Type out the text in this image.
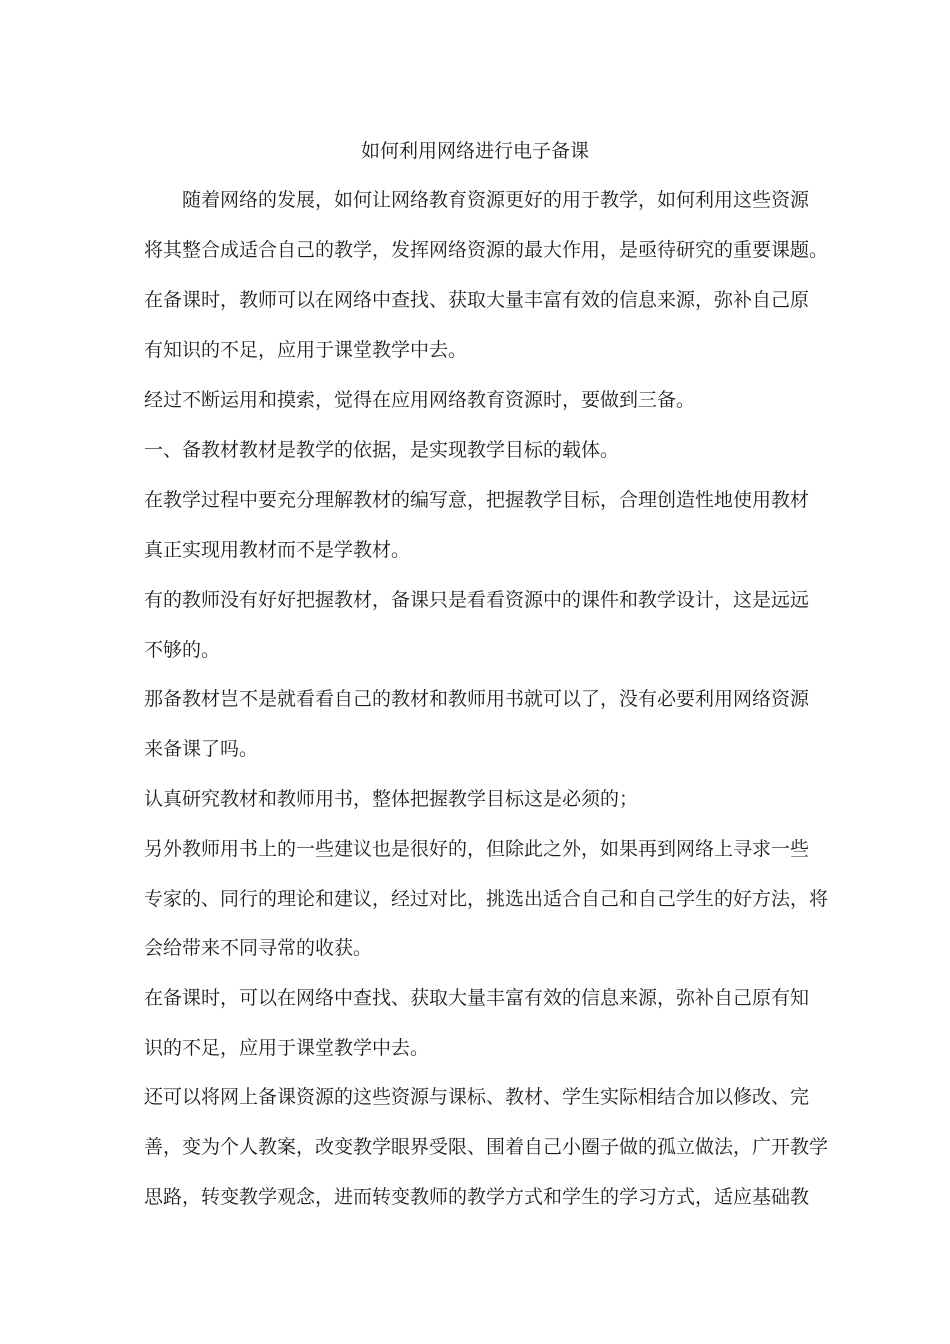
如何利用网络进行电子备课
随着网络的发展，如何让网络教育资源更好的用于教学，如何利用这些资源
将其整合成适合自己的教学，发挥网络资源的最大作用，是亟待研究的重要课题。
在备课时，教师可以在网络中查找、获取大量丰富有效的信息来源，弥补自己原
有知识的不足，应用于课堂教学中去。
经过不断运用和摸索，觉得在应用网络教育资源时，要做到三备。
一、备教材教材是教学的依据，是实现教学目标的载体。
在教学过程中要充分理解教材的编写意，把握教学目标，合理创造性地使用教材
真正实现用教材而不是学教材。
有的教师没有好好把握教材，备课只是看看资源中的课件和教学设计，这是远远
不够的。
那备教材岂不是就看看自己的教材和教师用书就可以了，没有必要利用网络资源
来备课了吗。
认真研究教材和教师用书，整体把握教学目标这是必须的；
另外教师用书上的一些建议也是很好的，但除此之外，如果再到网络上寻求一些
专家的、同行的理论和建议，经过对比，挑选出适合自己和自己学生的好方法，将
会给带来不同寻常的收获。
在备课时，可以在网络中查找、获取大量丰富有效的信息来源，弥补自己原有知
识的不足，应用于课堂教学中去。
还可以将网上备课资源的这些资源与课标、教材、学生实际相结合加以修改、完
善，变为个人教案，改变教学眼界受限、围着自己小圈子做的孤立做法，广开教学
思路，转变教学观念，进而转变教师的教学方式和学生的学习方式，适应基础教
